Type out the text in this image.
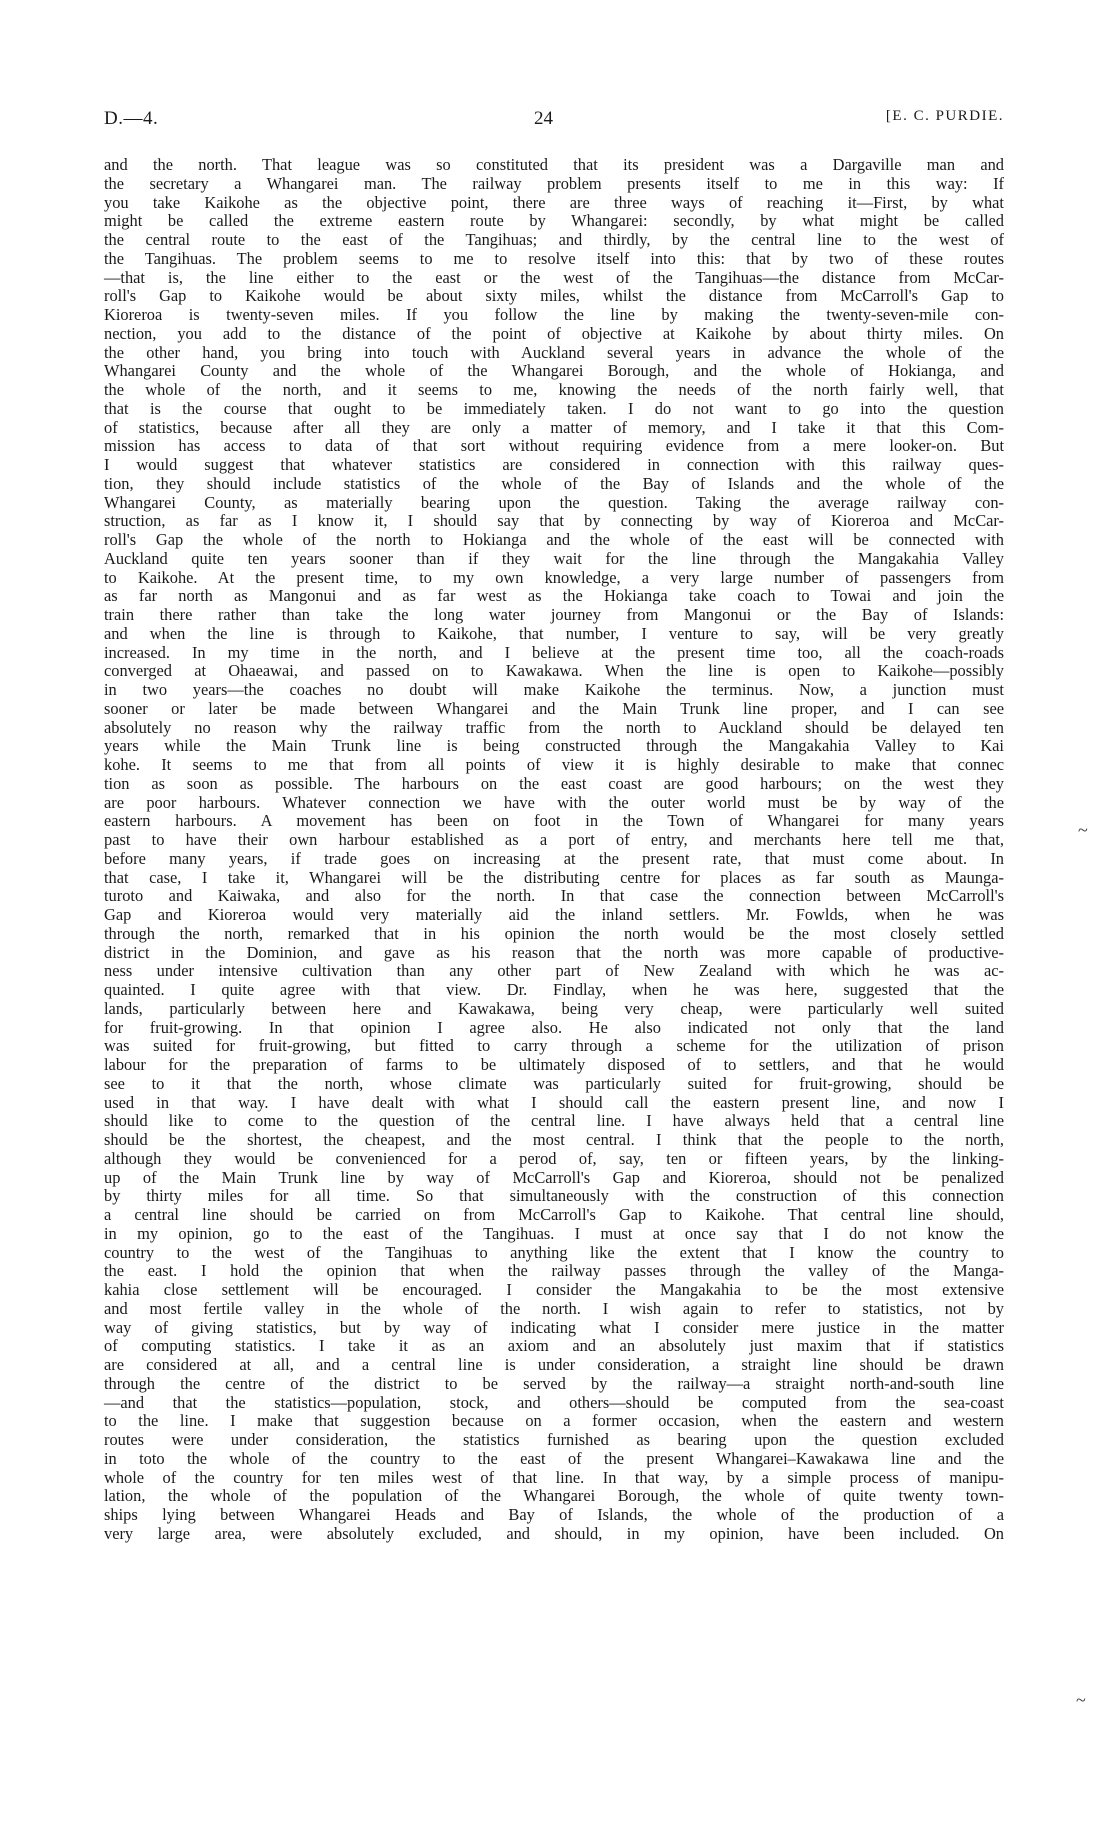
D.—4.	24	[E. C. PURDIE.
and the north. That league was so constituted that its president was a Dargaville man and
the secretary a Whangarei man. The railway problem presents itself to me in this way: If
you take Kaikohe as the objective point, there are three ways of reaching it—First, by what
might be called the extreme eastern route by Whangarei: secondly, by what might be called
the central route to the east of the Tangihuas; and thirdly, by the central line to the west of
the Tangihuas. The problem seems to me to resolve itself into this: that by two of these routes
—that is, the line either to the east or the west of the Tangihuas—the distance from McCar-
roll's Gap to Kaikohe would be about sixty miles, whilst the distance from McCarroll's Gap to
Kioreroa is twenty-seven miles. If you follow the line by making the twenty-seven-mile con-
nection, you add to the distance of the point of objective at Kaikohe by about thirty miles. On
the other hand, you bring into touch with Auckland several years in advance the whole of the
Whangarei County and the whole of the Whangarei Borough, and the whole of Hokianga, and
the whole of the north, and it seems to me, knowing the needs of the north fairly well, that
that is the course that ought to be immediately taken. I do not want to go into the question
of statistics, because after all they are only a matter of memory, and I take it that this Com-
mission has access to data of that sort without requiring evidence from a mere looker-on. But
I would suggest that whatever statistics are considered in connection with this railway ques-
tion, they should include statistics of the whole of the Bay of Islands and the whole of the
Whangarei County, as materially bearing upon the question. Taking the average railway con-
struction, as far as I know it, I should say that by connecting by way of Kioreroa and McCar-
roll's Gap the whole of the north to Hokianga and the whole of the east will be connected with
Auckland quite ten years sooner than if they wait for the line through the Mangakahia Valley
to Kaikohe. At the present time, to my own knowledge, a very large number of passengers from
as far north as Mangonui and as far west as the Hokianga take coach to Towai and join the
train there rather than take the long water journey from Mangonui or the Bay of Islands:
and when the line is through to Kaikohe, that number, I venture to say, will be very greatly
increased. In my time in the north, and I believe at the present time too, all the coach-roads
converged at Ohaeawai, and passed on to Kawakawa. When the line is open to Kaikohe—possibly
in two years—the coaches no doubt will make Kaikohe the terminus. Now, a junction must
sooner or later be made between Whangarei and the Main Trunk line proper, and I can see
absolutely no reason why the railway traffic from the north to Auckland should be delayed ten
years while the Main Trunk line is being constructed through the Mangakahia Valley to Kai
kohe. It seems to me that from all points of view it is highly desirable to make that connec
tion as soon as possible. The harbours on the east coast are good harbours; on the west they
are poor harbours. Whatever connection we have with the outer world must be by way of the
eastern harbours. A movement has been on foot in the Town of Whangarei for many years
past to have their own harbour established as a port of entry, and merchants here tell me that,
before many years, if trade goes on increasing at the present rate, that must come about. In
that case, I take it, Whangarei will be the distributing centre for places as far south as Maunga-
turoto and Kaiwaka, and also for the north. In that case the connection between McCarroll's
Gap and Kioreroa would very materially aid the inland settlers. Mr. Fowlds, when he was
through the north, remarked that in his opinion the north would be the most closely settled
district in the Dominion, and gave as his reason that the north was more capable of productive-
ness under intensive cultivation than any other part of New Zealand with which he was ac-
quainted. I quite agree with that view. Dr. Findlay, when he was here, suggested that the
lands, particularly between here and Kawakawa, being very cheap, were particularly well suited
for fruit-growing. In that opinion I agree also. He also indicated not only that the land
was suited for fruit-growing, but fitted to carry through a scheme for the utilization of prison
labour for the preparation of farms to be ultimately disposed of to settlers, and that he would
see to it that the north, whose climate was particularly suited for fruit-growing, should be
used in that way. I have dealt with what I should call the eastern present line, and now I
should like to come to the question of the central line. I have always held that a central line
should be the shortest, the cheapest, and the most central. I think that the people to the north,
although they would be convenienced for a perod of, say, ten or fifteen years, by the linking-
up of the Main Trunk line by way of McCarroll's Gap and Kioreroa, should not be penalized
by thirty miles for all time. So that simultaneously with the construction of this connection
a central line should be carried on from McCarroll's Gap to Kaikohe. That central line should,
in my opinion, go to the east of the Tangihuas. I must at once say that I do not know the
country to the west of the Tangihuas to anything like the extent that I know the country to
the east. I hold the opinion that when the railway passes through the valley of the Manga-
kahia close settlement will be encouraged. I consider the Mangakahia to be the most extensive
and most fertile valley in the whole of the north. I wish again to refer to statistics, not by
way of giving statistics, but by way of indicating what I consider mere justice in the matter
of computing statistics. I take it as an axiom and an absolutely just maxim that if statistics
are considered at all, and a central line is under consideration, a straight line should be drawn
through the centre of the district to be served by the railway—a straight north-and-south line
—and that the statistics—population, stock, and others—should be computed from the sea-coast
to the line. I make that suggestion because on a former occasion, when the eastern and western
routes were under consideration, the statistics furnished as bearing upon the question excluded
in toto the whole of the country to the east of the present Whangarei–Kawakawa line and the
whole of the country for ten miles west of that line. In that way, by a simple process of manipu-
lation, the whole of the population of the Whangarei Borough, the whole of quite twenty town-
ships lying between Whangarei Heads and Bay of Islands, the whole of the production of a
very large area, were absolutely excluded, and should, in my opinion, have been included. On
~
~
